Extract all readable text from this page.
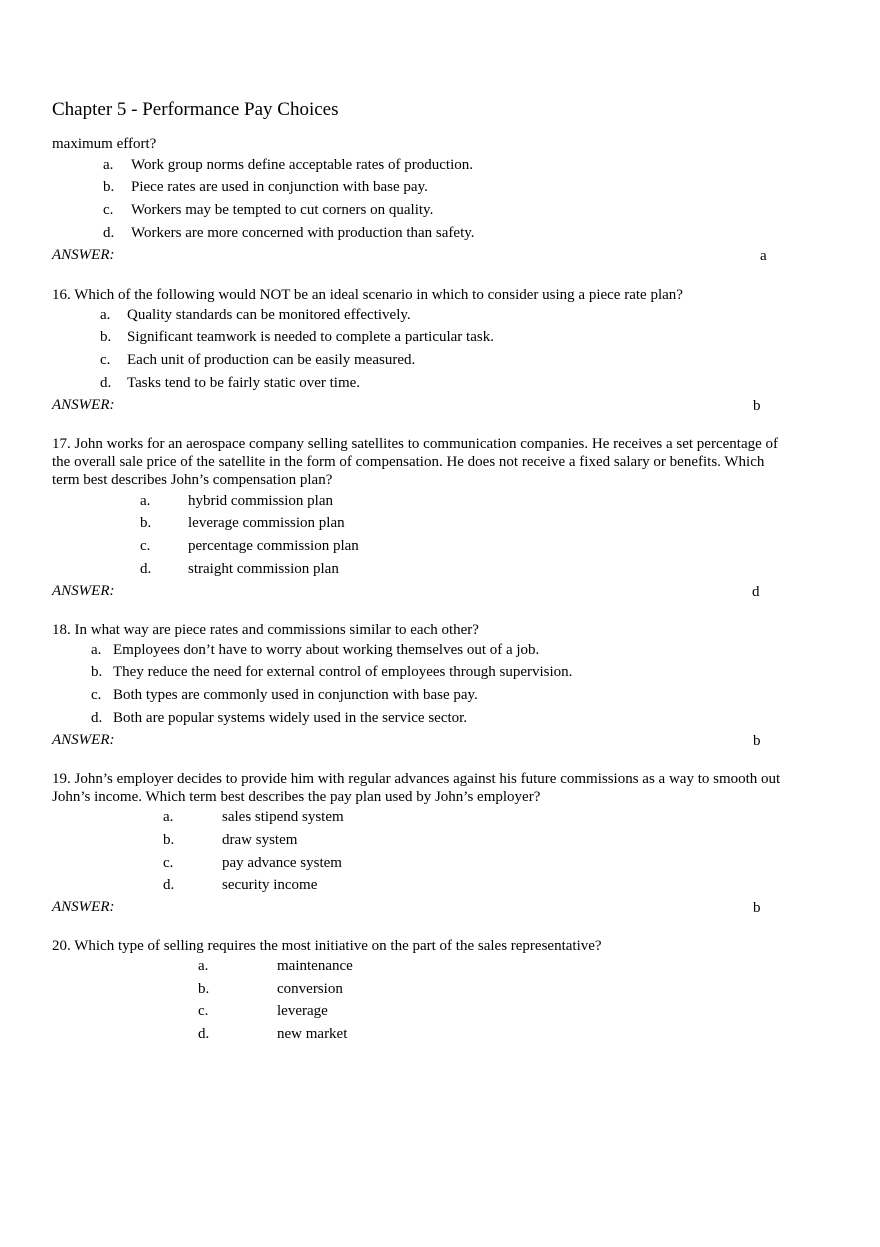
Chapter 5 - Performance Pay Choices
maximum effort?
a. Work group norms define acceptable rates of production.
b. Piece rates are used in conjunction with base pay.
c. Workers may be tempted to cut corners on quality.
d. Workers are more concerned with production than safety.
ANSWER:	a
16. Which of the following would NOT be an ideal scenario in which to consider using a piece rate plan?
a. Quality standards can be monitored effectively.
b. Significant teamwork is needed to complete a particular task.
c. Each unit of production can be easily measured.
d. Tasks tend to be fairly static over time.
ANSWER:	b
17. John works for an aerospace company selling satellites to communication companies. He receives a set percentage of
the overall sale price of the satellite in the form of compensation. He does not receive a fixed salary or benefits. Which
term best describes John’s compensation plan?
a.	hybrid commission plan
b. leverage commission plan
c.	percentage commission plan
d. straight commission plan
ANSWER:	d
18. In what way are piece rates and commissions similar to each other?
a. Employees don’t have to worry about working themselves out of a job.
b. They reduce the need for external control of employees through supervision.
c. Both types are commonly used in conjunction with base pay.
d. Both are popular systems widely used in the service sector.
ANSWER:	b
19. John’s employer decides to provide him with regular advances against his future commissions as a way to smooth out
John’s income. Which term best describes the pay plan used by John’s employer?
a.	sales stipend system
b.	draw system
c.	pay advance system
d.	security income
ANSWER:	b
20. Which type of selling requires the most initiative on the part of the sales representative?
a.	maintenance
b.	conversion
c.	leverage
d.	new market
